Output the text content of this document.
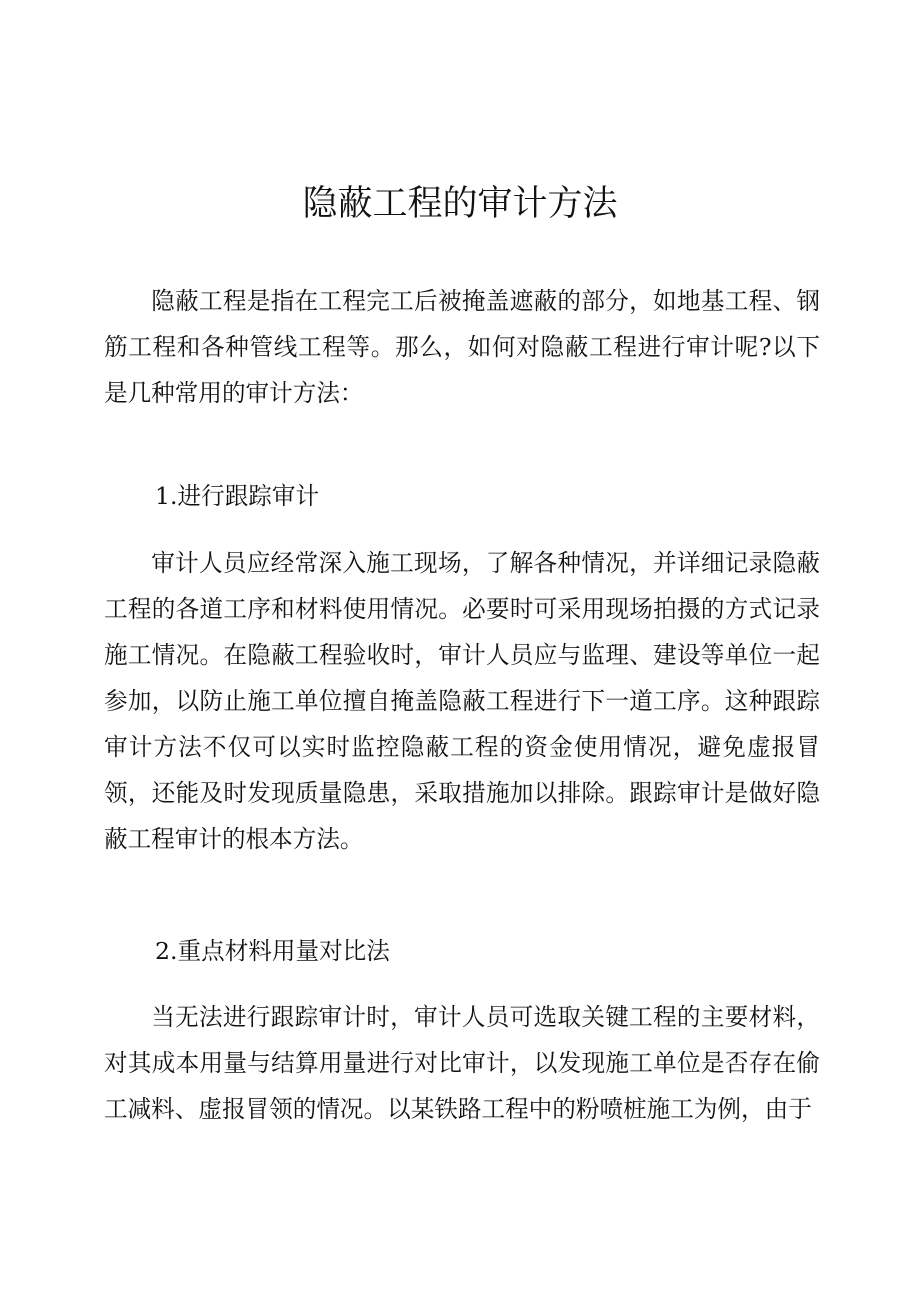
隐蔽工程的审计方法

隐蔽工程是指在工程完工后被掩盖遮蔽的部分，如地基工程、钢筋工程和各种管线工程等。那么，如何对隐蔽工程进行审计呢?以下是几种常用的审计方法：

1.进行跟踪审计

审计人员应经常深入施工现场，了解各种情况，并详细记录隐蔽工程的各道工序和材料使用情况。必要时可采用现场拍摄的方式记录施工情况。在隐蔽工程验收时，审计人员应与监理、建设等单位一起参加，以防止施工单位擅自掩盖隐蔽工程进行下一道工序。这种跟踪审计方法不仅可以实时监控隐蔽工程的资金使用情况，避免虚报冒领，还能及时发现质量隐患，采取措施加以排除。跟踪审计是做好隐蔽工程审计的根本方法。

2.重点材料用量对比法

当无法进行跟踪审计时，审计人员可选取关键工程的主要材料，对其成本用量与结算用量进行对比审计，以发现施工单位是否存在偷工减料、虚报冒领的情况。以某铁路工程中的粉喷桩施工为例，由于
